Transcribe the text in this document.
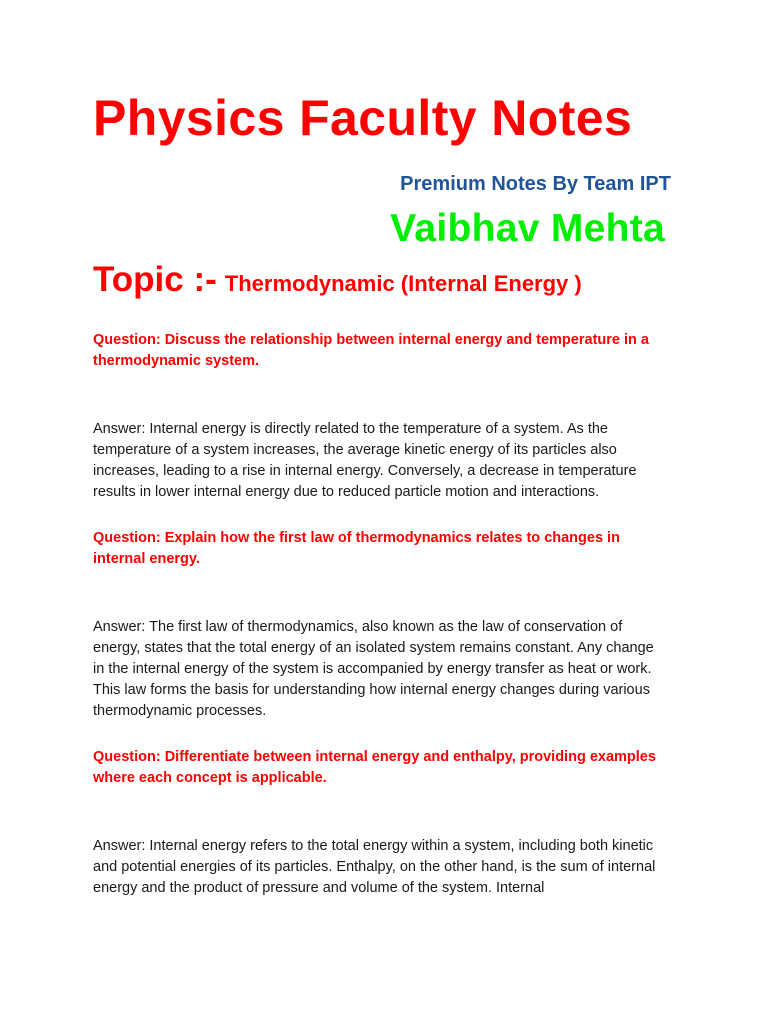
Physics Faculty Notes
Premium Notes By Team IPT
Vaibhav Mehta
Topic :- Thermodynamic (Internal Energy )

Question: Discuss the relationship between internal energy and temperature in a thermodynamic system.

Answer: Internal energy is directly related to the temperature of a system. As the temperature of a system increases, the average kinetic energy of its particles also increases, leading to a rise in internal energy. Conversely, a decrease in temperature results in lower internal energy due to reduced particle motion and interactions.

Question: Explain how the first law of thermodynamics relates to changes in internal energy.

Answer: The first law of thermodynamics, also known as the law of conservation of energy, states that the total energy of an isolated system remains constant. Any change in the internal energy of the system is accompanied by energy transfer as heat or work. This law forms the basis for understanding how internal energy changes during various thermodynamic processes.

Question: Differentiate between internal energy and enthalpy, providing examples where each concept is applicable.

Answer: Internal energy refers to the total energy within a system, including both kinetic and potential energies of its particles. Enthalpy, on the other hand, is the sum of internal energy and the product of pressure and volume of the system. Internal
